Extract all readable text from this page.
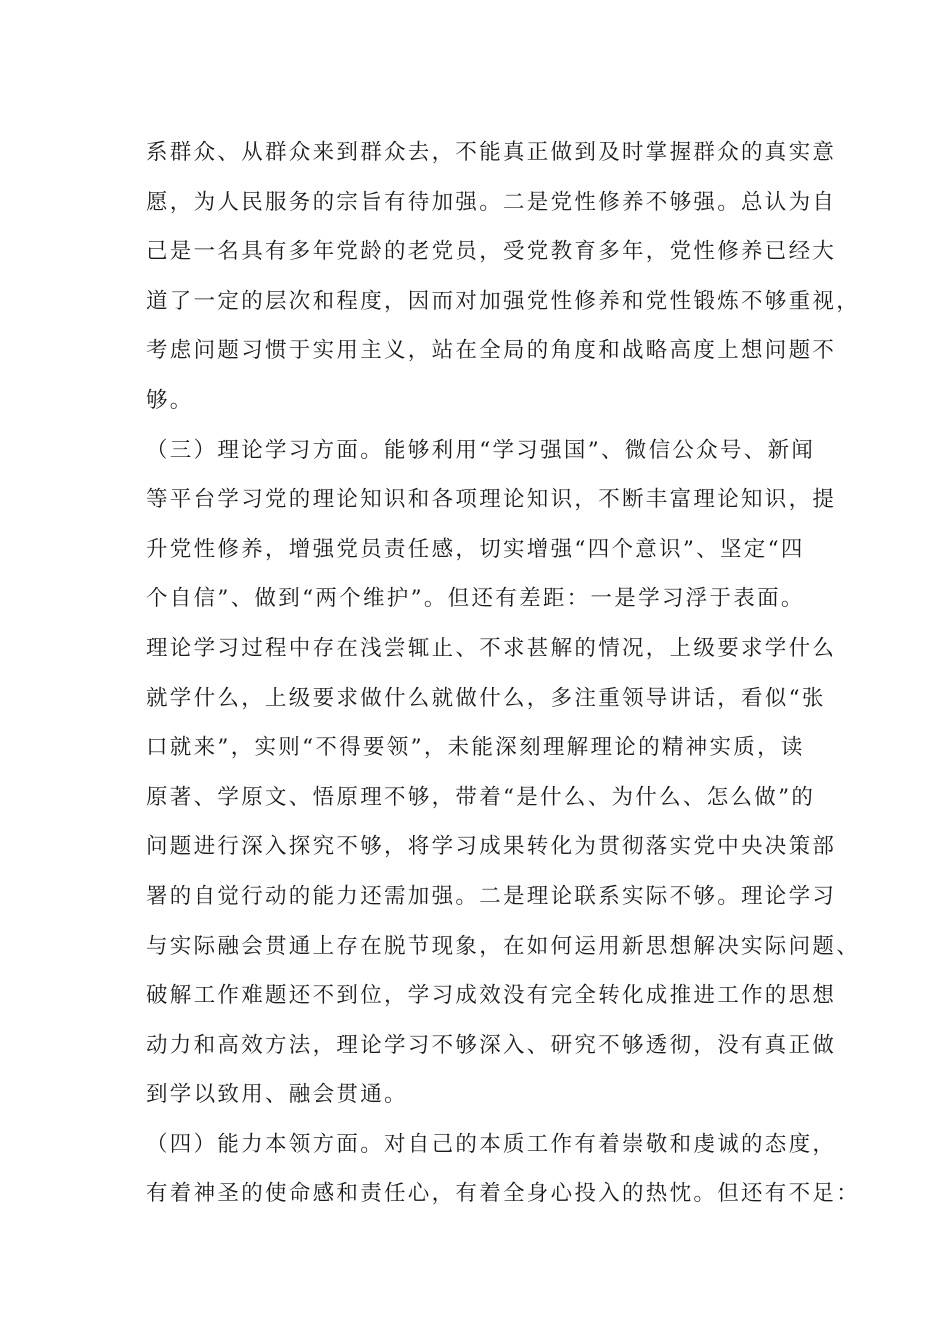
系群众、从群众来到群众去，不能真正做到及时掌握群众的真实意
愿，为人民服务的宗旨有待加强。二是党性修养不够强。总认为自
己是一名具有多年党龄的老党员，受党教育多年，党性修养已经大
道了一定的层次和程度，因而对加强党性修养和党性锻炼不够重视，
考虑问题习惯于实用主义，站在全局的角度和战略高度上想问题不
够。
（三）理论学习方面。能够利用“学习强国”、微信公众号、新闻
等平台学习党的理论知识和各项理论知识，不断丰富理论知识，提
升党性修养，增强党员责任感，切实增强“四个意识”、坚定“四
个自信”、做到“两个维护”。但还有差距：一是学习浮于表面。
理论学习过程中存在浅尝辄止、不求甚解的情况，上级要求学什么
就学什么，上级要求做什么就做什么，多注重领导讲话，看似“张
口就来”，实则“不得要领”，未能深刻理解理论的精神实质，读
原著、学原文、悟原理不够，带着“是什么、为什么、怎么做”的
问题进行深入探究不够，将学习成果转化为贯彻落实党中央决策部
署的自觉行动的能力还需加强。二是理论联系实际不够。理论学习
与实际融会贯通上存在脱节现象，在如何运用新思想解决实际问题、
破解工作难题还不到位，学习成效没有完全转化成推进工作的思想
动力和高效方法，理论学习不够深入、研究不够透彻，没有真正做
到学以致用、融会贯通。
（四）能力本领方面。对自己的本质工作有着崇敬和虔诚的态度，
有着神圣的使命感和责任心，有着全身心投入的热忱。但还有不足：
